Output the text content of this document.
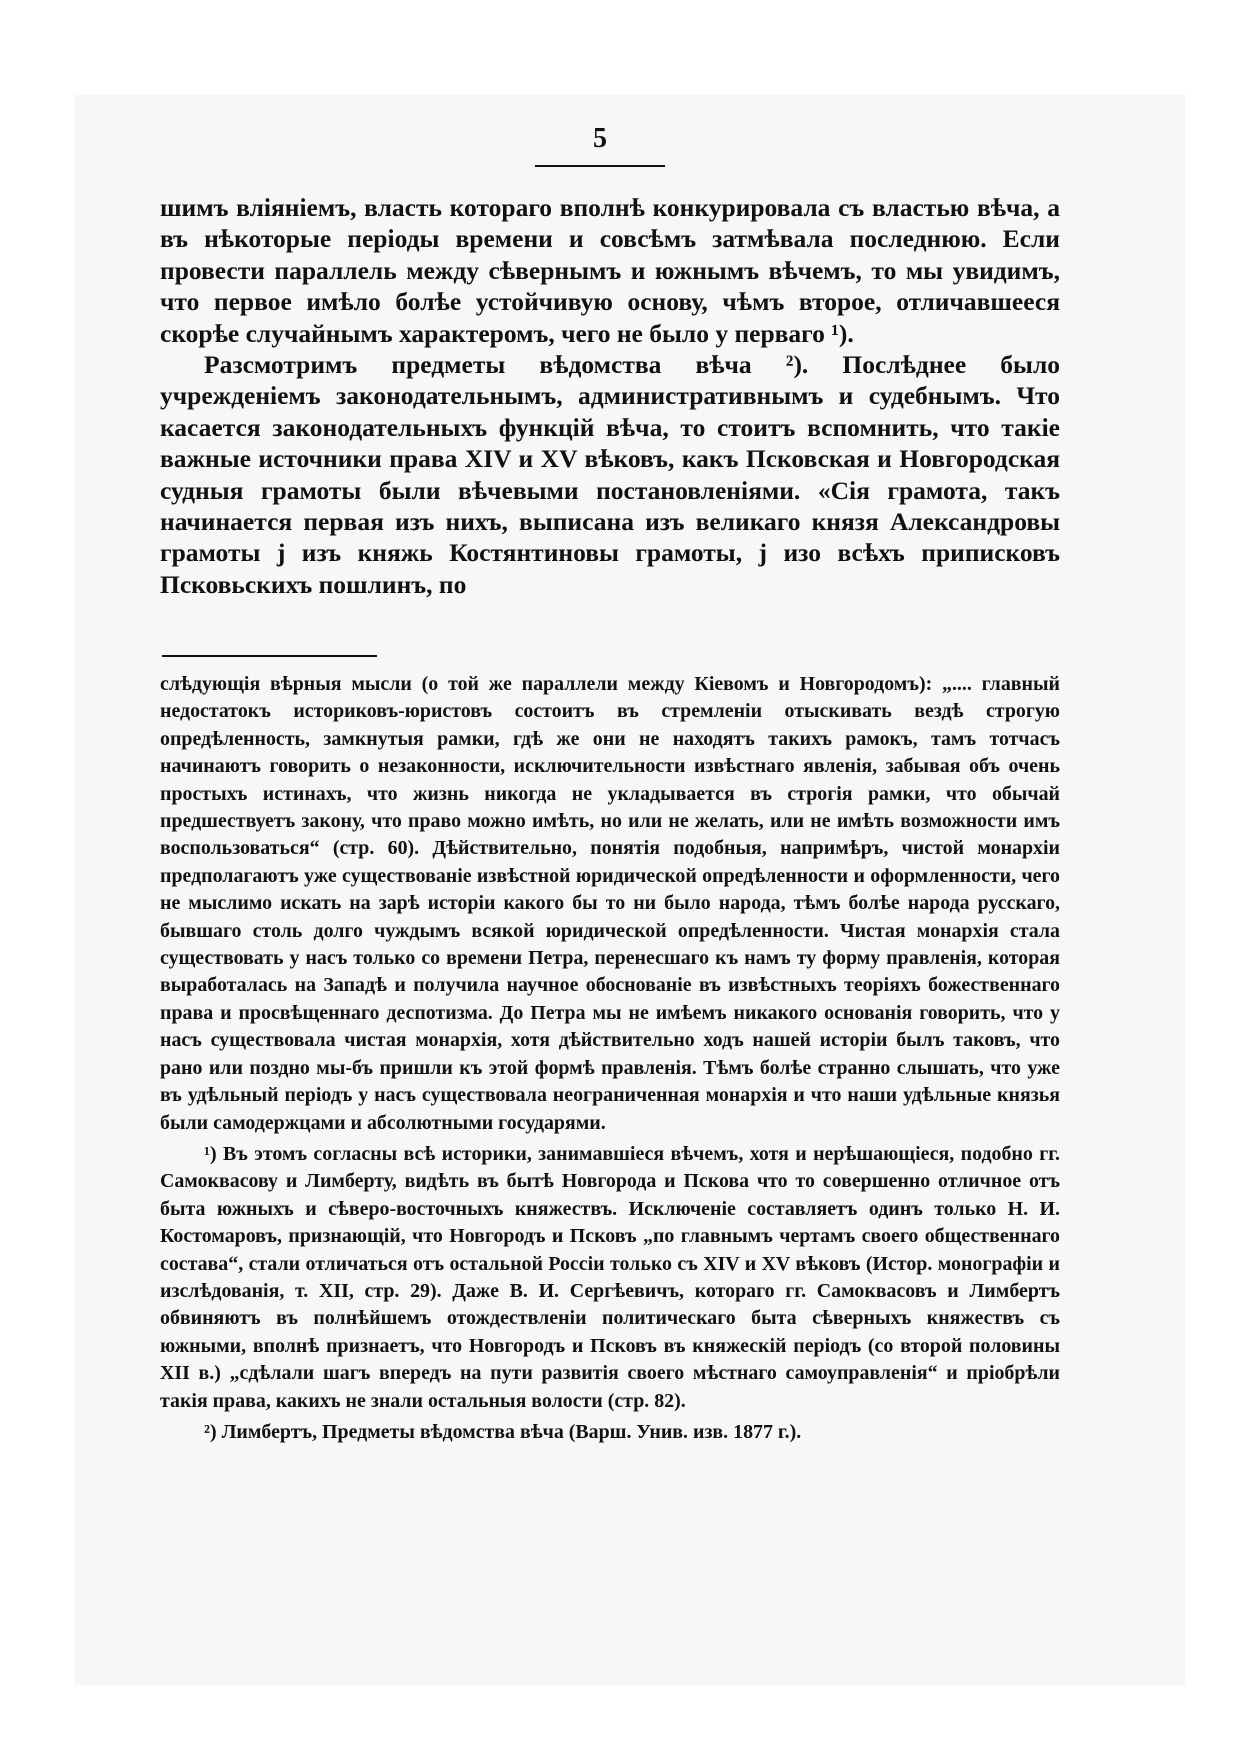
5

шимъ вліяніемъ, власть котораго вполнѣ конкурировала съ властью вѣча, а въ нѣкоторые періоды времени и совсѣмъ затмѣвала последнюю. Если провести параллель между сѣвернымъ и южнымъ вѣчемъ, то мы увидимъ, что первое имѣло болѣе устойчивую основу, чѣмъ второе, отличавшееся скорѣе случайнымъ характеромъ, чего не было у перваго ¹).

Разсмотримъ предметы вѣдомства вѣча ²). Послѣднее было учрежденіемъ законодательнымъ, административнымъ и судебнымъ. Что касается законодательныхъ функцій вѣча, то стоитъ вспомнить, что такіе важные источники права XIV и XV вѣковъ, какъ Псковская и Новгородская судныя грамоты были вѣчевыми постановленіями. «Сія грамота, такъ начинается первая изъ нихъ, выписана изъ великаго князя Александровы грамоты ј изъ княжь Костянтиновы грамоты, ј изо всѣхъ приписковъ Псковьскихъ пошлинъ, по

слѣдующія вѣрныя мысли (о той же параллели между Кіевомъ и Новгородомъ): „.... главный недостатокъ историковъ-юристовъ состоитъ въ стремленіи отыскивать вездѣ строгую опредѣленность, замкнутыя рамки, гдѣ же они не находятъ такихъ рамокъ, тамъ тотчасъ начинаютъ говорить о незаконности, исключительности извѣстнаго явленія, забывая объ очень простыхъ истинахъ, что жизнь никогда не укладывается въ строгія рамки, что обычай предшествуетъ закону, что право можно имѣть, но или не желать, или не имѣть возможности имъ воспользоваться“ (стр. 60). Дѣйствительно, понятія подобныя, напримѣръ, чистой монархіи предполагаютъ уже существованіе извѣстной юридической опредѣленности и оформленности, чего не мыслимо искать на зарѣ исторіи какого бы то ни было народа, тѣмъ болѣе народа русскаго, бывшаго столь долго чуждымъ всякой юридической опредѣленности. Чистая монархія стала существовать у насъ только со времени Петра, перенесшаго къ намъ ту форму правленія, которая выработалась на Западѣ и получила научное обоснованіе въ извѣстныхъ теоріяхъ божественнаго права и просвѣщеннаго деспотизма. До Петра мы не имѣемъ никакого основанія говорить, что у насъ существовала чистая монархія, хотя дѣйствительно ходъ нашей исторіи былъ таковъ, что рано или поздно мы-бъ пришли къ этой формѣ правленія. Тѣмъ болѣе странно слышать, что уже въ удѣльный періодъ у насъ существовала неограниченная монархія и что наши удѣльные князья были самодержцами и абсолютными государями.

¹) Въ этомъ согласны всѣ историки, занимавшіеся вѣчемъ, хотя и нерѣшающіеся, подобно гг. Самоквасову и Лимберту, видѣть въ бытѣ Новгорода и Пскова что то совершенно отличное отъ быта южныхъ и сѣверо-восточныхъ княжествъ. Исключеніе составляетъ одинъ только Н. И. Костомаровъ, признающій, что Новгородъ и Псковъ „по главнымъ чертамъ своего общественнаго состава“, стали отличаться отъ остальной Россіи только съ XIV и XV вѣковъ (Истор. монографіи и изслѣдованія, т. XII, стр. 29). Даже В. И. Сергѣевичъ, котораго гг. Самоквасовъ и Лимбертъ обвиняютъ въ полнѣйшемъ отождествленіи политическаго быта сѣверныхъ княжествъ съ южными, вполнѣ признаетъ, что Новгородъ и Псковъ въ княжескій періодъ (со второй половины XII в.) „сдѣлали шагъ впередъ на пути развитія своего мѣстнаго самоуправленія“ и пріобрѣли такія права, какихъ не знали остальныя волости (стр. 82).

²) Лимбертъ, Предметы вѣдомства вѣча (Варш. Унив. изв. 1877 г.).
